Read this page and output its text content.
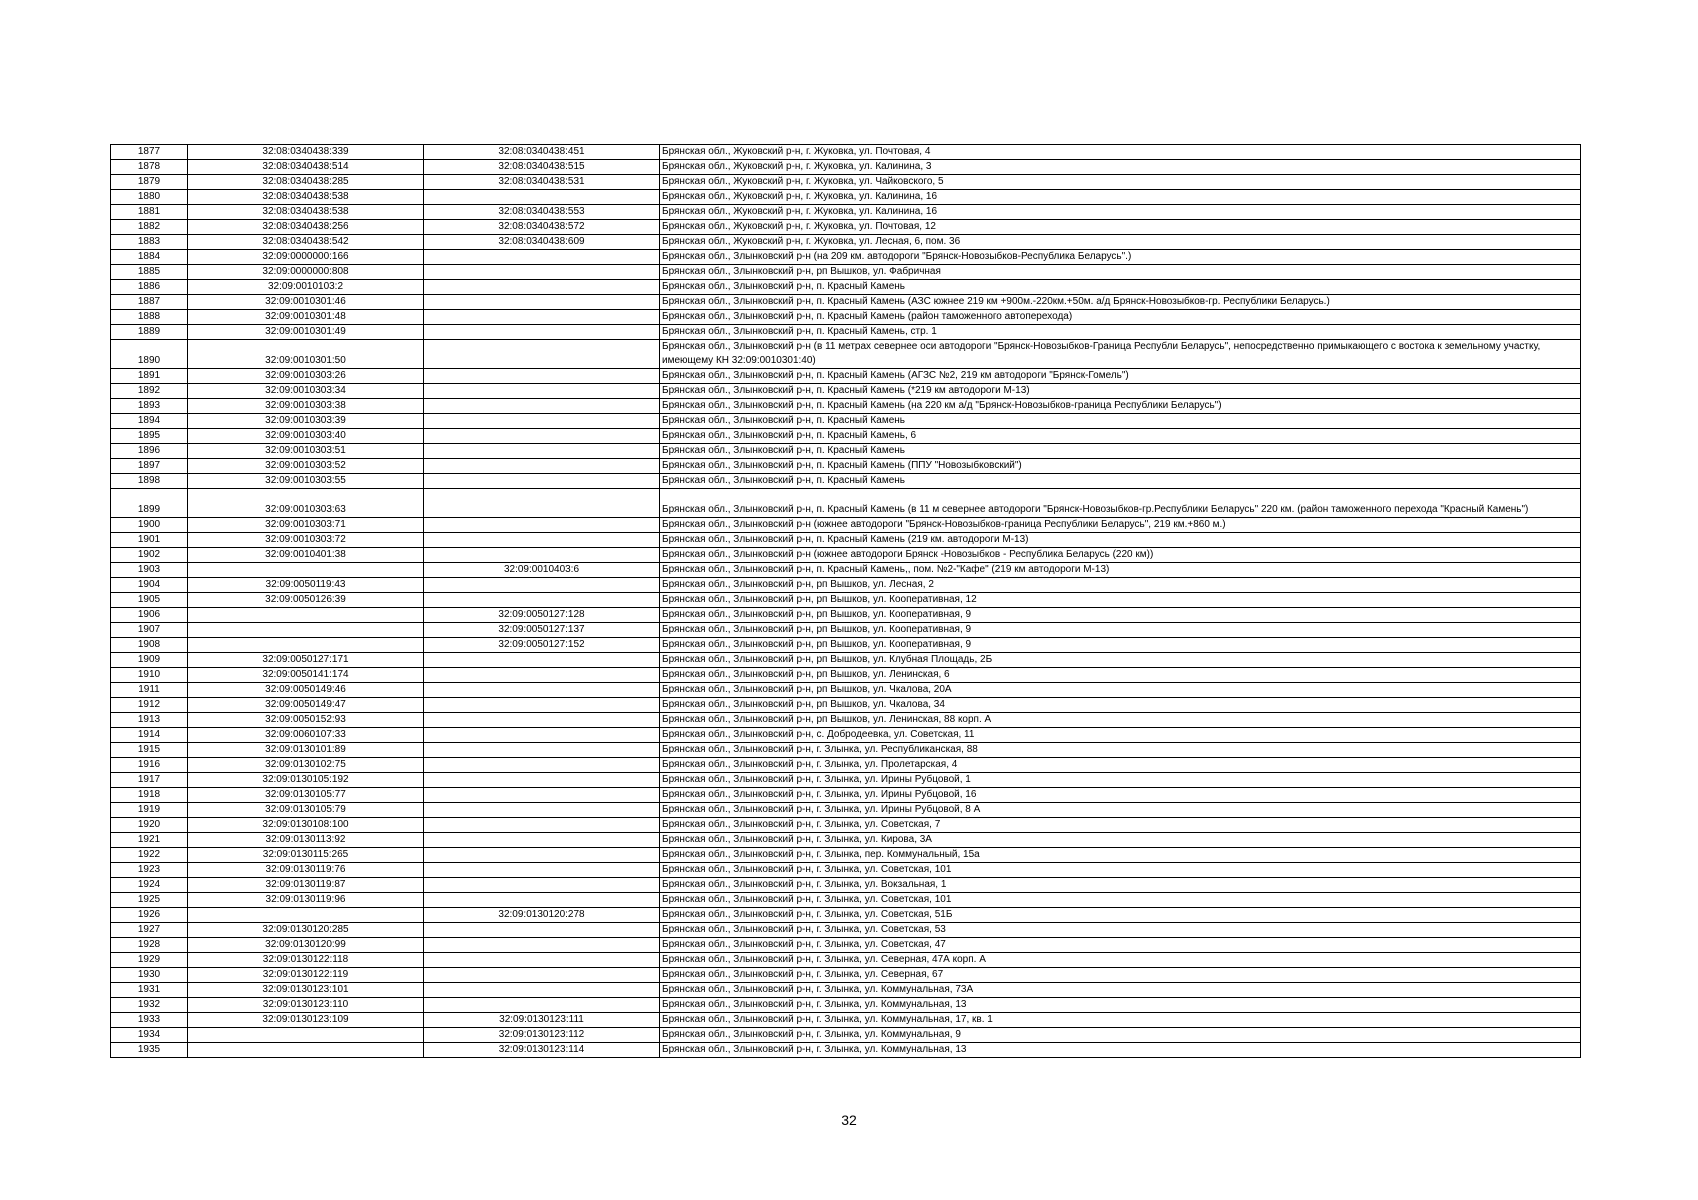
1877	32:08:0340438:339	32:08:0340438:451	Брянская обл., Жуковский р-н, г. Жуковка, ул. Почтовая, 4
1878	32:08:0340438:514	32:08:0340438:515	Брянская обл., Жуковский р-н, г. Жуковка, ул. Калинина, 3
1879	32:08:0340438:285	32:08:0340438:531	Брянская обл., Жуковский р-н, г. Жуковка, ул. Чайковского, 5
1880	32:08:0340438:538		Брянская обл., Жуковский р-н, г. Жуковка, ул. Калинина, 16
1881	32:08:0340438:538	32:08:0340438:553	Брянская обл., Жуковский р-н, г. Жуковка, ул. Калинина, 16
1882	32:08:0340438:256	32:08:0340438:572	Брянская обл., Жуковский р-н, г. Жуковка, ул. Почтовая, 12
1883	32:08:0340438:542	32:08:0340438:609	Брянская обл., Жуковский р-н, г. Жуковка, ул. Лесная, 6, пом. 36
1884	32:09:0000000:166		Брянская обл., Злынковский р-н (на 209 км. автодороги "Брянск-Новозыбков-Республика Беларусь".)
1885	32:09:0000000:808		Брянская обл., Злынковский р-н, рп Вышков, ул. Фабричная
1886	32:09:0010103:2		Брянская обл., Злынковский р-н, п. Красный Камень
1887	32:09:0010301:46		Брянская обл., Злынковский р-н, п. Красный Камень (АЗС южнее 219 км +900м.-220км.+50м. а/д Брянск-Новозыбков-гр. Республики Беларусь.)
1888	32:09:0010301:48		Брянская обл., Злынковский р-н, п. Красный Камень (район таможенного автоперехода)
1889	32:09:0010301:49		Брянская обл., Злынковский р-н, п. Красный Камень, стр. 1
1890	32:09:0010301:50		Брянская обл., Злынковский р-н (в 11 метрах севернее оси автодороги "Брянск-Новозыбков-Граница Республи Беларусь", непосредственно примыкающего с востока к земельному участку, имеющему КН 32:09:0010301:40)
1891	32:09:0010303:26		Брянская обл., Злынковский р-н, п. Красный Камень (АГЗС №2, 219 км автодороги "Брянск-Гомель")
1892	32:09:0010303:34		Брянская обл., Злынковский р-н, п. Красный Камень (*219 км автодороги М-13)
1893	32:09:0010303:38		Брянская обл., Злынковский р-н, п. Красный Камень (на 220 км а/д "Брянск-Новозыбков-граница Республики Беларусь")
1894	32:09:0010303:39		Брянская обл., Злынковский р-н, п. Красный Камень
1895	32:09:0010303:40		Брянская обл., Злынковский р-н, п. Красный Камень, 6
1896	32:09:0010303:51		Брянская обл., Злынковский р-н, п. Красный Камень
1897	32:09:0010303:52		Брянская обл., Злынковский р-н, п. Красный Камень (ППУ "Новозыбковский")
1898	32:09:0010303:55		Брянская обл., Злынковский р-н, п. Красный Камень
1899	32:09:0010303:63		Брянская обл., Злынковский р-н, п. Красный Камень (в 11 м севернее автодороги "Брянск-Новозыбков-гр.Республики Беларусь" 220 км. (район таможенного перехода "Красный Камень")
1900	32:09:0010303:71		Брянская обл., Злынковский р-н (южнее автодороги "Брянск-Новозыбков-граница Республики Беларусь", 219 км.+860 м.)
1901	32:09:0010303:72		Брянская обл., Злынковский р-н, п. Красный Камень (219 км. автодороги М-13)
1902	32:09:0010401:38		Брянская обл., Злынковский р-н (южнее автодороги Брянск -Новозыбков - Республика Беларусь (220 км))
1903		32:09:0010403:6	Брянская обл., Злынковский р-н, п. Красный Камень,, пом. №2-"Кафе" (219 км автодороги М-13)
1904	32:09:0050119:43		Брянская обл., Злынковский р-н, рп Вышков, ул. Лесная, 2
1905	32:09:0050126:39		Брянская обл., Злынковский р-н, рп Вышков, ул. Кооперативная, 12
1906		32:09:0050127:128	Брянская обл., Злынковский р-н, рп Вышков, ул. Кооперативная, 9
1907		32:09:0050127:137	Брянская обл., Злынковский р-н, рп Вышков, ул. Кооперативная, 9
1908		32:09:0050127:152	Брянская обл., Злынковский р-н, рп Вышков, ул. Кооперативная, 9
1909	32:09:0050127:171		Брянская обл., Злынковский р-н, рп Вышков, ул. Клубная Площадь, 2Б
1910	32:09:0050141:174		Брянская обл., Злынковский р-н, рп Вышков, ул. Ленинская, 6
1911	32:09:0050149:46		Брянская обл., Злынковский р-н, рп Вышков, ул. Чкалова, 20А
1912	32:09:0050149:47		Брянская обл., Злынковский р-н, рп Вышков, ул. Чкалова, 34
1913	32:09:0050152:93		Брянская обл., Злынковский р-н, рп Вышков, ул. Ленинская, 88 корп. А
1914	32:09:0060107:33		Брянская обл., Злынковский р-н, с. Добродеевка, ул. Советская, 11
1915	32:09:0130101:89		Брянская обл., Злынковский р-н, г. Злынка, ул. Республиканская, 88
1916	32:09:0130102:75		Брянская обл., Злынковский р-н, г. Злынка, ул. Пролетарская, 4
1917	32:09:0130105:192		Брянская обл., Злынковский р-н, г. Злынка, ул. Ирины Рубцовой, 1
1918	32:09:0130105:77		Брянская обл., Злынковский р-н, г. Злынка, ул. Ирины Рубцовой, 16
1919	32:09:0130105:79		Брянская обл., Злынковский р-н, г. Злынка, ул. Ирины Рубцовой, 8 А
1920	32:09:0130108:100		Брянская обл., Злынковский р-н, г. Злынка, ул. Советская, 7
1921	32:09:0130113:92		Брянская обл., Злынковский р-н, г. Злынка, ул. Кирова, 3А
1922	32:09:0130115:265		Брянская обл., Злынковский р-н, г. Злынка, пер. Коммунальный, 15а
1923	32:09:0130119:76		Брянская обл., Злынковский р-н, г. Злынка, ул. Советская, 101
1924	32:09:0130119:87		Брянская обл., Злынковский р-н, г. Злынка, ул. Вокзальная, 1
1925	32:09:0130119:96		Брянская обл., Злынковский р-н, г. Злынка, ул. Советская, 101
1926		32:09:0130120:278	Брянская обл., Злынковский р-н, г. Злынка, ул. Советская, 51Б
1927	32:09:0130120:285		Брянская обл., Злынковский р-н, г. Злынка, ул. Советская, 53
1928	32:09:0130120:99		Брянская обл., Злынковский р-н, г. Злынка, ул. Советская, 47
1929	32:09:0130122:118		Брянская обл., Злынковский р-н, г. Злынка, ул. Северная, 47А корп. А
1930	32:09:0130122:119		Брянская обл., Злынковский р-н, г. Злынка, ул. Северная, 67
1931	32:09:0130123:101		Брянская обл., Злынковский р-н, г. Злынка, ул. Коммунальная, 73А
1932	32:09:0130123:110		Брянская обл., Злынковский р-н, г. Злынка, ул. Коммунальная, 13
1933	32:09:0130123:109	32:09:0130123:111	Брянская обл., Злынковский р-н, г. Злынка, ул. Коммунальная, 17, кв. 1
1934		32:09:0130123:112	Брянская обл., Злынковский р-н, г. Злынка, ул. Коммунальная, 9
1935		32:09:0130123:114	Брянская обл., Злынковский р-н, г. Злынка, ул. Коммунальная, 13
32
